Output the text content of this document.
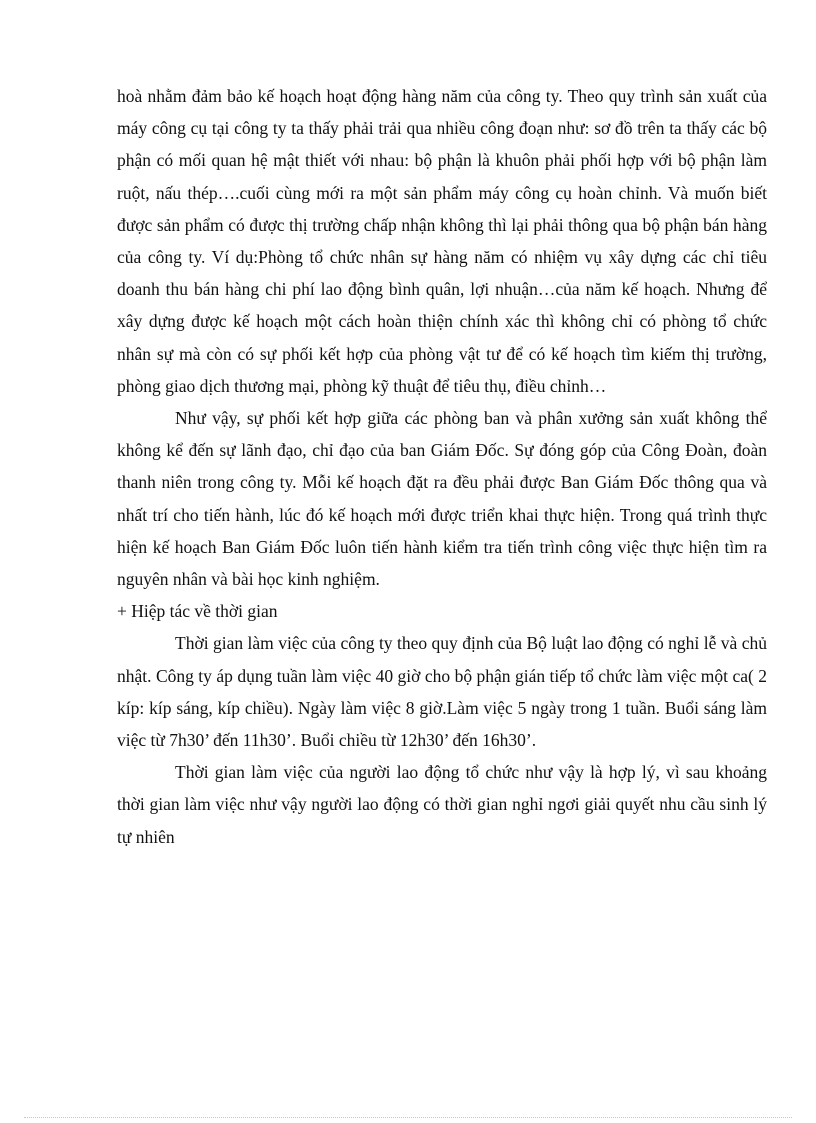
hoà nhằm đảm bảo kế hoạch hoạt động hàng năm của công ty. Theo quy trình sản xuất của máy công cụ tại công ty ta thấy phải trải qua nhiều công đoạn như: sơ đồ trên ta thấy các bộ phận có mối quan hệ mật thiết với nhau: bộ phận là khuôn phải phối hợp với bộ phận làm ruột, nấu thép….cuối cùng mới ra một sản phẩm máy công cụ hoàn chỉnh. Và muốn biết được sản phẩm có được thị trường chấp nhận không thì lại phải thông qua bộ phận bán hàng của công ty. Ví dụ:Phòng tổ chức nhân sự hàng năm có nhiệm vụ xây dựng các chỉ tiêu doanh thu bán hàng chi phí lao động bình quân, lợi nhuận…của năm kế hoạch. Nhưng để xây dựng được kế hoạch một cách hoàn thiện chính xác thì không chỉ có phòng tổ chức nhân sự mà còn có sự phối kết hợp của phòng vật tư để có kế hoạch tìm kiếm thị trường, phòng giao dịch thương mại, phòng kỹ thuật để tiêu thụ, điều chỉnh…

Như vậy, sự phối kết hợp giữa các phòng ban và phân xưởng sản xuất không thể không kể đến sự lãnh đạo, chỉ đạo của ban Giám Đốc. Sự đóng góp của Công Đoàn, đoàn thanh niên trong công ty. Mỗi kế hoạch đặt ra đều phải được Ban Giám Đốc thông qua và nhất trí cho tiến hành, lúc đó kế hoạch mới được triển khai thực hiện. Trong quá trình thực hiện kế hoạch Ban Giám Đốc luôn tiến hành kiểm tra tiến trình công việc thực hiện tìm ra nguyên nhân và bài học kinh nghiệm.

+ Hiệp tác về thời gian

Thời gian làm việc của công ty theo quy định của Bộ luật lao động có nghỉ lễ và chủ nhật. Công ty áp dụng tuần làm việc 40 giờ cho bộ phận gián tiếp tổ chức làm việc một ca( 2 kíp: kíp sáng, kíp chiều). Ngày làm việc 8 giờ.Làm việc 5 ngày trong 1 tuần. Buổi sáng làm việc từ 7h30’ đến 11h30’. Buổi chiều từ 12h30’ đến 16h30’.

Thời gian làm việc của người lao động tổ chức như vậy là hợp lý, vì sau khoảng thời gian làm việc như vậy người lao động có thời gian nghỉ ngơi giải quyết nhu cầu sinh lý tự nhiên
